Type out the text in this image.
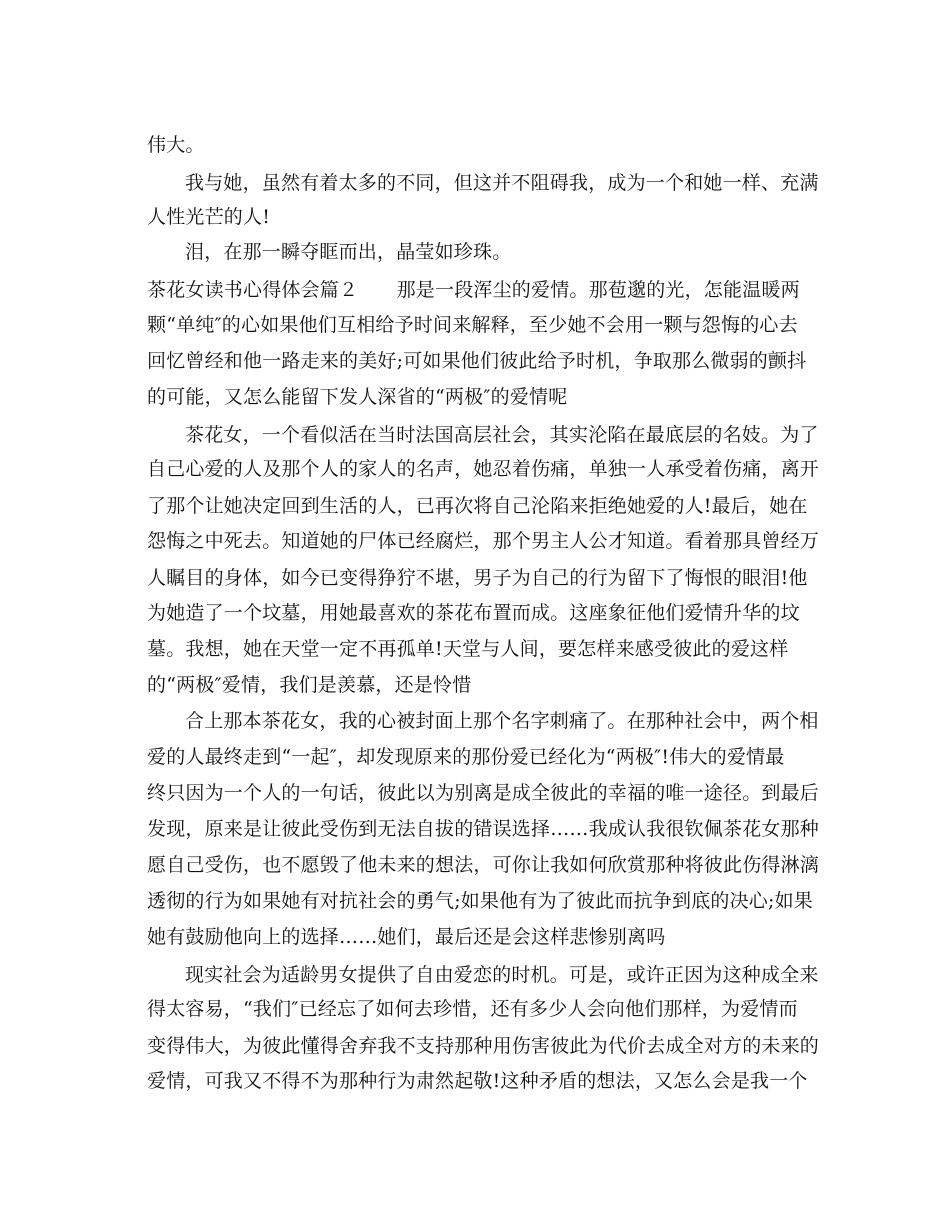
伟大。
我与她，虽然有着太多的不同，但这并不阻碍我，成为一个和她一样、充满
人性光芒的人!
泪，在那一瞬夺眶而出，晶莹如珍珠。
茶花女读书心得体会篇２　　那是一段浑尘的爱情。那苞邈的光，怎能温暖两
颗“单纯″的心如果他们互相给予时间来解释，至少她不会用一颗与怨悔的心去
回忆曾经和他一路走来的美好;可如果他们彼此给予时机，争取那么微弱的颤抖
的可能，又怎么能留下发人深省的“两极″的爱情呢
茶花女，一个看似活在当时法国高层社会，其实沦陷在最底层的名妓。为了
自己心爱的人及那个人的家人的名声，她忍着伤痛，单独一人承受着伤痛，离开
了那个让她决定回到生活的人，已再次将自己沦陷来拒绝她爱的人!最后，她在
怨悔之中死去。知道她的尸体已经腐烂，那个男主人公才知道。看着那具曾经万
人瞩目的身体，如今已变得狰狞不堪，男子为自己的行为留下了悔恨的眼泪!他
为她造了一个坟墓，用她最喜欢的茶花布置而成。这座象征他们爱情升华的坟
墓。我想，她在天堂一定不再孤单!天堂与人间，要怎样来感受彼此的爱这样
的“两极″爱情，我们是羡慕，还是怜惜
合上那本茶花女，我的心被封面上那个名字刺痛了。在那种社会中，两个相
爱的人最终走到“一起″，却发现原来的那份爱已经化为“两极″!伟大的爱情最
终只因为一个人的一句话，彼此以为别离是成全彼此的幸福的唯一途径。到最后
发现，原来是让彼此受伤到无法自拔的错误选择……我成认我很钦佩茶花女那种
愿自己受伤，也不愿毁了他未来的想法，可你让我如何欣赏那种将彼此伤得淋漓
透彻的行为如果她有对抗社会的勇气;如果他有为了彼此而抗争到底的决心;如果
她有鼓励他向上的选择……她们，最后还是会这样悲惨别离吗
现实社会为适龄男女提供了自由爱恋的时机。可是，或许正因为这种成全来
得太容易，“我们″已经忘了如何去珍惜，还有多少人会向他们那样，为爱情而
变得伟大，为彼此懂得舍弃我不支持那种用伤害彼此为代价去成全对方的未来的
爱情，可我又不得不为那种行为肃然起敬!这种矛盾的想法，又怎么会是我一个
